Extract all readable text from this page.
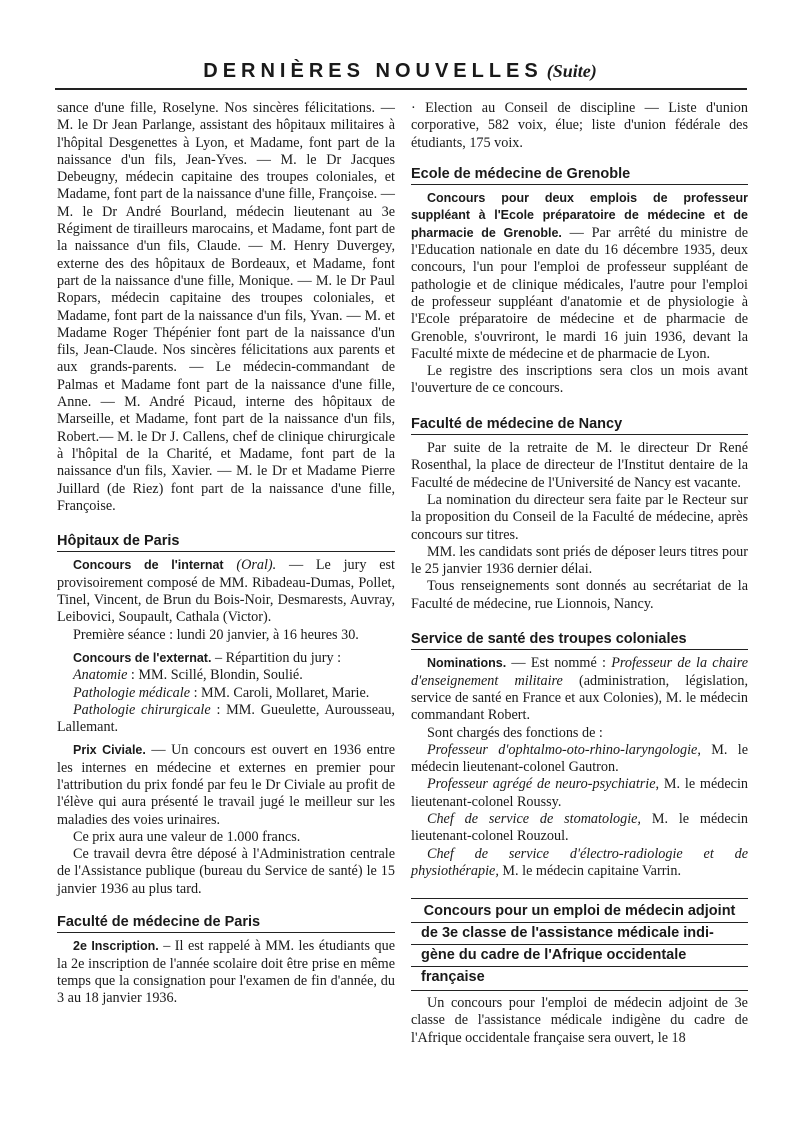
DERNIÈRES NOUVELLES (Suite)

sance d'une fille, Roselyne. Nos sincères félicitations. — M. le Dr Jean Parlange, assistant des hôpitaux militaires à l'hôpital Desgenettes à Lyon, et Madame, font part de la naissance d'un fils, Jean-Yves. — M. le Dr Jacques Debeugny, médecin capitaine des troupes coloniales, et Madame, font part de la naissance d'une fille, Françoise. — M. le Dr André Bourland, médecin lieutenant au 3e Régiment de tirailleurs marocains, et Madame, font part de la naissance d'un fils, Claude. — M. Henry Duvergey, externe des des hôpitaux de Bordeaux, et Madame, font part de la naissance d'une fille, Monique. — M. le Dr Paul Ropars, médecin capitaine des troupes coloniales, et Madame, font part de la naissance d'un fils, Yvan. — M. et Madame Roger Thépénier font part de la naissance d'un fils, Jean-Claude. Nos sincères félicitations aux parents et aux grands-parents. — Le médecin-commandant de Palmas et Madame font part de la naissance d'une fille, Anne. — M. André Picaud, interne des hôpitaux de Marseille, et Madame, font part de la naissance d'un fils, Robert.— M. le Dr J. Callens, chef de clinique chirurgicale à l'hôpital de la Charité, et Madame, font part de la naissance d'un fils, Xavier. — M. le Dr et Madame Pierre Juillard (de Riez) font part de la naissance d'une fille, Françoise.

Hôpitaux de Paris

Concours de l'internat (Oral). — Le jury est provisoirement composé de MM. Ribadeau-Dumas, Pollet, Tinel, Vincent, de Brun du Bois-Noir, Desmarests, Auvray, Leibovici, Soupault, Cathala (Victor).

Première séance : lundi 20 janvier, à 16 heures 30.

Concours de l'externat. – Répartition du jury :

Anatomie : MM. Scillé, Blondin, Soulié.

Pathologie médicale : MM. Caroli, Mollaret, Marie.

Pathologie chirurgicale : MM. Gueulette, Aurousseau, Lallemant.

Prix Civiale. — Un concours est ouvert en 1936 entre les internes en médecine et externes en premier pour l'attribution du prix fondé par feu le Dr Civiale au profit de l'élève qui aura présenté le travail jugé le meilleur sur les maladies des voies urinaires.

Ce prix aura une valeur de 1.000 francs.

Ce travail devra être déposé à l'Administration centrale de l'Assistance publique (bureau du Service de santé) le 15 janvier 1936 au plus tard.

Faculté de médecine de Paris

2e Inscription. – Il est rappelé à MM. les étudiants que la 2e inscription de l'année scolaire doit être prise en même temps que la consignation pour l'examen de fin d'année, du 3 au 18 janvier 1936.

· Election au Conseil de discipline — Liste d'union corporative, 582 voix, élue; liste d'union fédérale des étudiants, 175 voix.

Ecole de médecine de Grenoble

Concours pour deux emplois de professeur suppléant à l'Ecole préparatoire de médecine et de pharmacie de Grenoble. — Par arrêté du ministre de l'Education nationale en date du 16 décembre 1935, deux concours, l'un pour l'emploi de professeur suppléant de pathologie et de clinique médicales, l'autre pour l'emploi de professeur suppléant d'anatomie et de physiologie à l'Ecole préparatoire de médecine et de pharmacie de Grenoble, s'ouvriront, le mardi 16 juin 1936, devant la Faculté mixte de médecine et de pharmacie de Lyon.

Le registre des inscriptions sera clos un mois avant l'ouverture de ce concours.

Faculté de médecine de Nancy

Par suite de la retraite de M. le directeur Dr René Rosenthal, la place de directeur de l'Institut dentaire de la Faculté de médecine de l'Université de Nancy est vacante.

La nomination du directeur sera faite par le Recteur sur la proposition du Conseil de la Faculté de médecine, après concours sur titres.

MM. les candidats sont priés de déposer leurs titres pour le 25 janvier 1936 dernier délai.

Tous renseignements sont donnés au secrétariat de la Faculté de médecine, rue Lionnois, Nancy.

Service de santé des troupes coloniales

Nominations. — Est nommé : Professeur de la chaire d'enseignement militaire (administration, législation, service de santé en France et aux Colonies), M. le médecin commandant Robert.

Sont chargés des fonctions de :

Professeur d'ophtalmo-oto-rhino-laryngologie, M. le médecin lieutenant-colonel Gautron.

Professeur agrégé de neuro-psychiatrie, M. le médecin lieutenant-colonel Roussy.

Chef de service de stomatologie, M. le médecin lieutenant-colonel Rouzoul.

Chef de service d'électro-radiologie et de physiothérapie, M. le médecin capitaine Varrin.

Concours pour un emploi de médecin adjoint
de 3e classe de l'assistance médicale indi-
gène du cadre de l'Afrique occidentale
française

Un concours pour l'emploi de médecin adjoint de 3e classe de l'assistance médicale indigène du cadre de l'Afrique occidentale française sera ouvert, le 18
